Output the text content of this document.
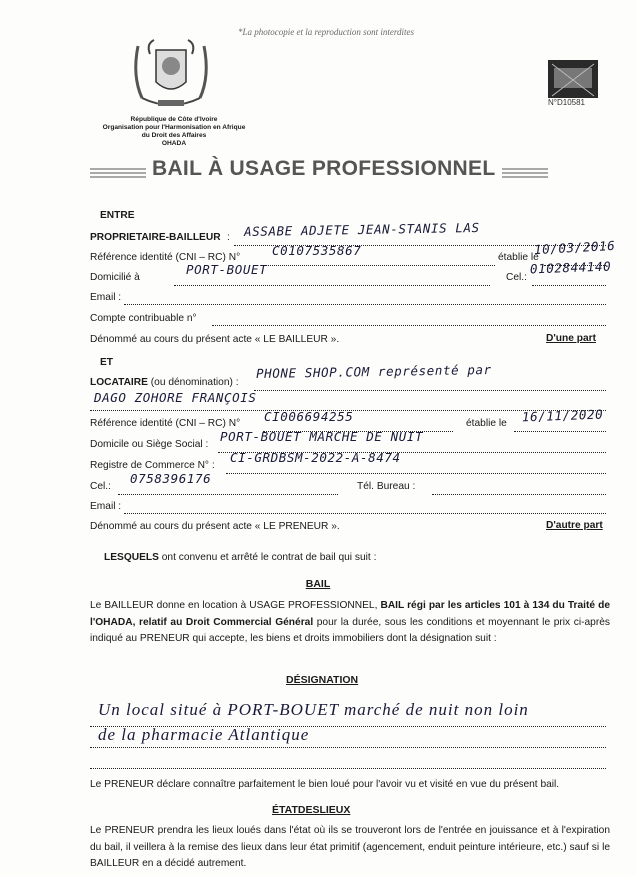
*La photocopie et la reproduction sont interdites
N°D10581
République de Côte d'Ivoire
Organisation pour l'Harmonisation en Afrique
du Droit des Affaires
OHADA
BAIL À USAGE PROFESSIONNEL
ENTRE
PROPRIETAIRE-BAILLEUR : ASSABE ADJETE JEAN-STANIS LAS
Référence identité (CNI – RC) N°	C0107535867	établie le
10/03/2016
Domicilié à
PORT-BOUET
Cel.:
0102844140
Email :
Compte contribuable n°
Dénommé au cours du présent acte « LE BAILLEUR ».	D'une part
ET
LOCATAIRE (ou dénomination) :
PHONE SHOP.COM représenté par
DAGO ZOHORE FRANÇOIS
Référence identité (CNI – RC) N° CI006694255	établie le 16/11/2020
Domicile ou Siège Social :
PORT-BOUET MARCHE DE NUIT
Registre de Commerce N° :
CI-GRDBSM-2022-A-8474
Cel.:
0758396176
Tél. Bureau :
Email :
Dénommé au cours du présent acte « LE PRENEUR ».	D'autre part
LESQUELS ont convenu et arrêté le contrat de bail qui suit :
BAIL
Le BAILLEUR donne en location à USAGE PROFESSIONNEL, BAIL régi par les articles 101 à 134 du Traité de l'OHADA, relatif au Droit Commercial Général pour la durée, sous les conditions et moyennant le prix ci-après indiqué au PRENEUR qui accepte, les biens et droits immobiliers dont la désignation suit :
DÉSIGNATION
Un local situé à PORT-BOUET marché de nuit non loin
de la pharmacie Atlantique
Le PRENEUR déclare connaître parfaitement le bien loué pour l'avoir vu et visité en vue du présent bail.
ÉTATDESLIEUX
Le PRENEUR prendra les lieux loués dans l'état où ils se trouveront lors de l'entrée en jouissance et à l'expiration du bail, il veillera à la remise des lieux dans leur état primitif (agencement, enduit peinture intérieure, etc.) sauf si le BAILLEUR en a décidé autrement.
